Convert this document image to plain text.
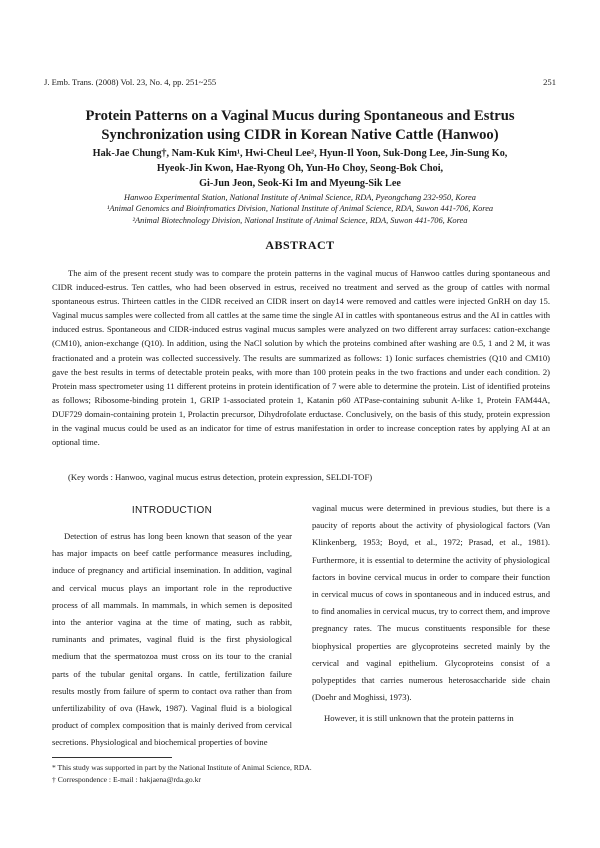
J. Emb. Trans. (2008) Vol. 23, No. 4, pp. 251~255	251
Protein Patterns on a Vaginal Mucus during Spontaneous and Estrus
Synchronization using CIDR in Korean Native Cattle (Hanwoo)
Hak-Jae Chung†, Nam-Kuk Kim¹, Hwi-Cheul Lee², Hyun-Il Yoon, Suk-Dong Lee, Jin-Sung Ko,
Hyeok-Jin Kwon, Hae-Ryong Oh, Yun-Ho Choy, Seong-Bok Choi,
Gi-Jun Jeon, Seok-Ki Im and Myeung-Sik Lee
Hanwoo Experimental Station, National Institute of Animal Science, RDA, Pyeongchang 232-950, Korea
¹Animal Genomics and Bioinfromatics Division, National Institute of Animal Science, RDA, Suwon 441-706, Korea
²Animal Biotechnology Division, National Institute of Animal Science, RDA, Suwon 441-706, Korea
ABSTRACT

The aim of the present recent study was to compare the protein patterns in the vaginal mucus of Hanwoo cattles during spontaneous and CIDR induced-estrus. Ten cattles, who had been observed in estrus, received no treatment and served as the group of cattles with normal spontaneous estrus. Thirteen cattles in the CIDR received an CIDR insert on day14 were removed and cattles were injected GnRH on day 15. Vaginal mucus samples were collected from all cattles at the same time the single AI in cattles with spontaneous estrus and the AI in cattles with induced estrus. Spontaneous and CIDR-induced estrus vaginal mucus samples were analyzed on two different array surfaces: cation-exchange (CM10), anion-exchange (Q10). In addition, using the NaCl solution by which the proteins combined after washing are 0.5, 1 and 2 M, it was fractionated and a protein was collected successively. The results are summarized as follows: 1) Ionic surfaces chemistries (Q10 and CM10) gave the best results in terms of detectable protein peaks, with more than 100 protein peaks in the two fractions and under each condition. 2) Protein mass spectrometer using 11 different proteins in protein identification of 7 were able to determine the protein. List of identified proteins as follows; Ribosome-binding protein 1, GRIP 1-associated protein 1, Katanin p60 ATPase-containing subunit A-like 1, Protein FAM44A, DUF729 domain-containing protein 1, Prolactin precursor, Dihydrofolate erductase. Conclusively, on the basis of this study, protein expression in the vaginal mucus could be used as an indicator for time of estrus manifestation in order to increase conception rates by applying AI at an optional time.

(Key words : Hanwoo, vaginal mucus estrus detection, protein expression, SELDI-TOF)

INTRODUCTION

Detection of estrus has long been known that season of the year has major impacts on beef cattle performance measures including, induce of pregnancy and artificial insemination. In addition, vaginal and cervical mucus plays an important role in the reproductive process of all mammals. In mammals, in which semen is deposited into the anterior vagina at the time of mating, such as rabbit, ruminants and primates, vaginal fluid is the first physiological medium that the spermatozoa must cross on its tour to the cranial parts of the tubular genital organs. In cattle, fertilization failure results mostly from failure of sperm to contact ova rather than from unfertilizability of ova (Hawk, 1987). Vaginal fluid is a biological product of complex composition that is mainly derived from cervical secretions. Physiological and biochemical properties of bovine

vaginal mucus were determined in previous studies, but there is a paucity of reports about the activity of physiological factors (Van Klinkenberg, 1953; Boyd, et al., 1972; Prasad, et al., 1981). Furthermore, it is essential to determine the activity of physiological factors in bovine cervical mucus in order to compare their function in cervical mucus of cows in spontaneous and in induced estrus, and to find anomalies in cervical mucus, try to correct them, and improve pregnancy rates. The mucus constituents responsible for these biophysical properties are glycoproteins secreted mainly by the cervical and vaginal epithelium. Glycoproteins consist of a polypeptides that carries numerous heterosaccharide side chain (Doehr and Moghissi, 1973).

However, it is still unknown that the protein patterns in

* This study was supported in part by the National Institute of Animal Science, RDA.
† Correspondence : E-mail : hakjaena@rda.go.kr
